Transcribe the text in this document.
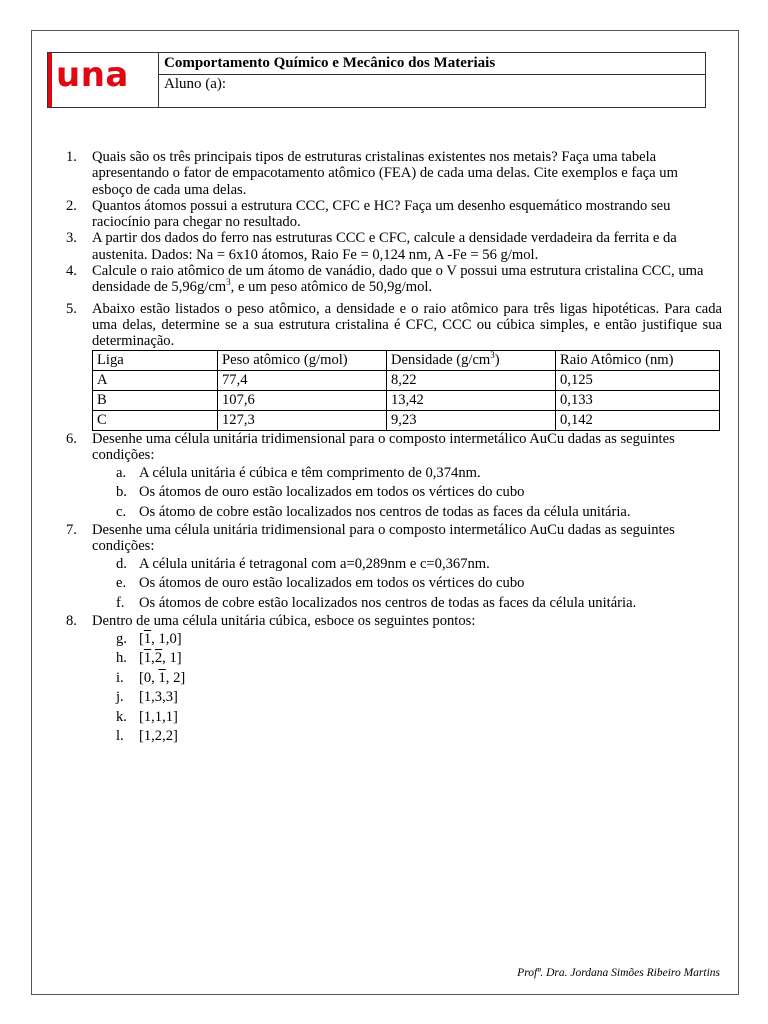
una Comportamento Químico e Mecânico dos Materiais
Aluno (a):
1.	Quais são os três principais tipos de estruturas cristalinas existentes nos metais? Faça uma tabela apresentando o fator de empacotamento atômico (FEA) de cada uma delas. Cite exemplos e faça um esboço de cada uma delas.
2.	Quantos átomos possui a estrutura CCC, CFC e HC? Faça um desenho esquemático mostrando seu raciocínio para chegar no resultado.
3.	A partir dos dados do ferro nas estruturas CCC e CFC, calcule a densidade verdadeira da ferrita e da austenita. Dados: Na = 6x10 átomos, Raio Fe = 0,124 nm, A -Fe = 56 g/mol.
4.	Calcule o raio atômico de um átomo de vanádio, dado que o V possui uma estrutura cristalina CCC, uma densidade de $5,96g/cm^3$, e um peso atômico de 50,9g/mol.
5.	Abaixo estão listados o peso atômico, a densidade e o raio atômico para três ligas hipotéticas. Para cada uma delas, determine se a sua estrutura cristalina é CFC, CCC ou cúbica simples, e então justifique sua determinação.
Liga	Peso atômico (g/mol)	Densidade $(g/cm^3)$	Raio Atômico (nm)
A	77,4	8,22	0,125
B	107,6	13,42	0,133
C	127,3	9,23	0,142
6.	Desenhe uma célula unitária tridimensional para o composto intermetálico AuCu dadas as seguintes condições:
a. A célula unitária é cúbica e têm comprimento de 0,374nm.
b. Os átomos de ouro estão localizados em todos os vértices do cubo
c. Os átomo de cobre estão localizados nos centros de todas as faces da célula unitária.
7.	Desenhe uma célula unitária tridimensional para o composto intermetálico AuCu dadas as seguintes condições:
d. A célula unitária é tetragonal com a=0,289nm e c=0,367nm.
e. Os átomos de ouro estão localizados em todos os vértices do cubo
f. Os átomos de cobre estão localizados nos centros de todas as faces da célula unitária.
8.	Dentro de uma célula unitária cúbica, esboce os seguintes pontos:
g. [1, 1,0]
h. [1,2, 1]
i.	[0, 1, 2]
j.	[1,3,3]
k. [1,1,1]
l.	[1,2,2]
Profª. Dra. Jordana Simões Ribeiro Martins
